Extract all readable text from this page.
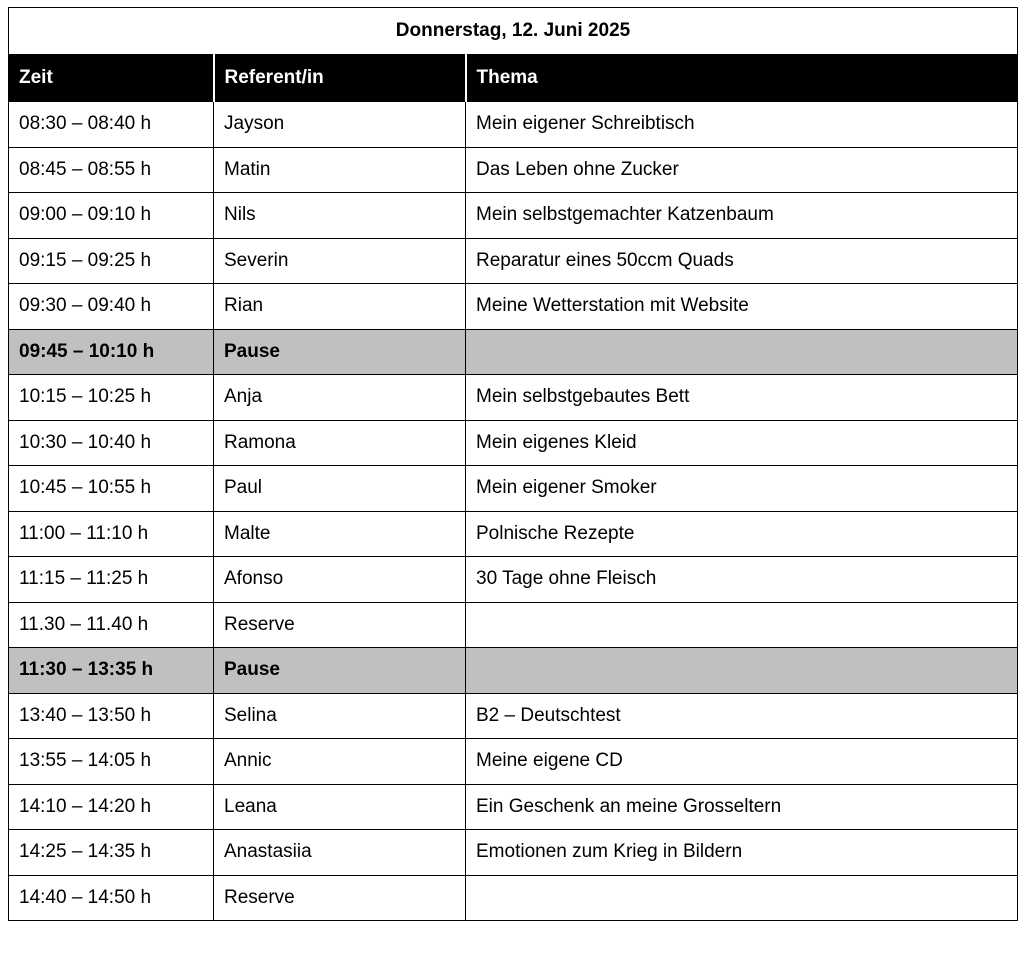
Donnerstag, 12. Juni 2025		
Zeit	Referent/in	Thema
08:30 – 08:40 h	Jayson	Mein eigener Schreibtisch
08:45 – 08:55 h	Matin	Das Leben ohne Zucker
09:00 – 09:10 h	Nils	Mein selbstgemachter Katzenbaum
09:15 – 09:25 h	Severin	Reparatur eines 50ccm Quads
09:30 – 09:40 h	Rian	Meine Wetterstation mit Website
09:45 – 10:10 h	Pause	
10:15 – 10:25 h	Anja	Mein selbstgebautes Bett
10:30 – 10:40 h	Ramona	Mein eigenes Kleid
10:45 – 10:55 h	Paul	Mein eigener Smoker
11:00 – 11:10 h	Malte	Polnische Rezepte
11:15 – 11:25 h	Afonso	30 Tage ohne Fleisch
11.30 – 11.40 h	Reserve	
11:30 – 13:35 h	Pause	
13:40 – 13:50 h	Selina	B2 – Deutschtest
13:55 – 14:05 h	Annic	Meine eigene CD
14:10 – 14:20 h	Leana	Ein Geschenk an meine Grosseltern
14:25 – 14:35 h	Anastasiia	Emotionen zum Krieg in Bildern
14:40 – 14:50 h	Reserve	
